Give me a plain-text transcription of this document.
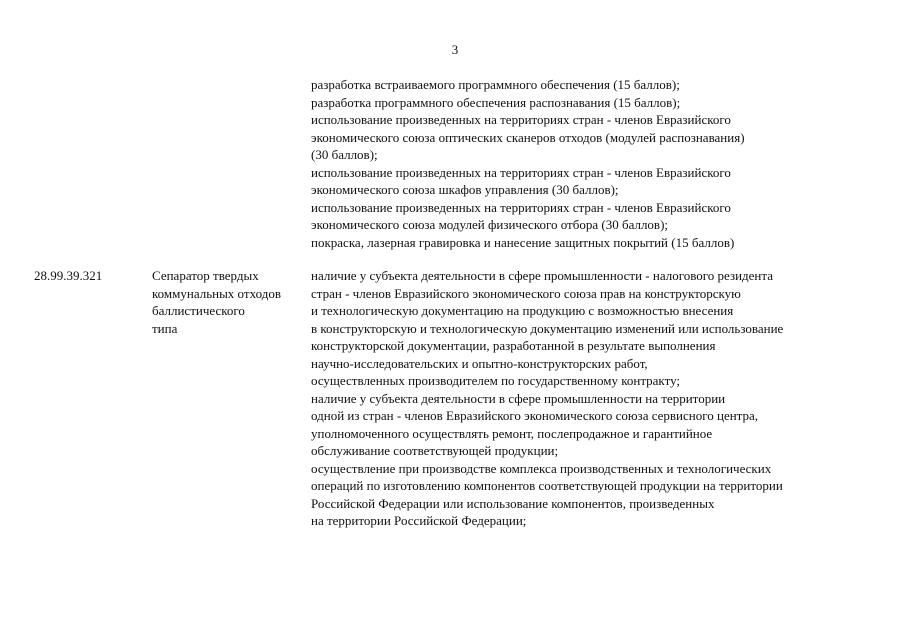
3
разработка встраиваемого программного обеспечения (15 баллов);
разработка программного обеспечения распознавания (15 баллов);
использование произведенных на территориях стран - членов Евразийского
экономического союза оптических сканеров отходов (модулей распознавания)
(30 баллов);
использование произведенных на территориях стран - членов Евразийского
экономического союза шкафов управления (30 баллов);
использование произведенных на территориях стран - членов Евразийского
экономического союза модулей физического отбора (30 баллов);
покраска, лазерная гравировка и нанесение защитных покрытий (15 баллов)
28.99.39.321	Сепаратор твердых
коммунальных отходов
баллистического
типа
наличие у субъекта деятельности в сфере промышленности - налогового резидента
стран - членов Евразийского экономического союза прав на конструкторскую
и технологическую документацию на продукцию с возможностью внесения
в конструкторскую и технологическую документацию изменений или использование
конструкторской документации, разработанной в результате выполнения
научно-исследовательских и опытно-конструкторских работ,
осуществленных производителем по государственному контракту;
наличие у субъекта деятельности в сфере промышленности на территории
одной из стран - членов Евразийского экономического союза сервисного центра,
уполномоченного осуществлять ремонт, послепродажное и гарантийное
обслуживание соответствующей продукции;
осуществление при производстве комплекса производственных и технологических
операций по изготовлению компонентов соответствующей продукции на территории
Российской Федерации или использование компонентов, произведенных
на территории Российской Федерации;
